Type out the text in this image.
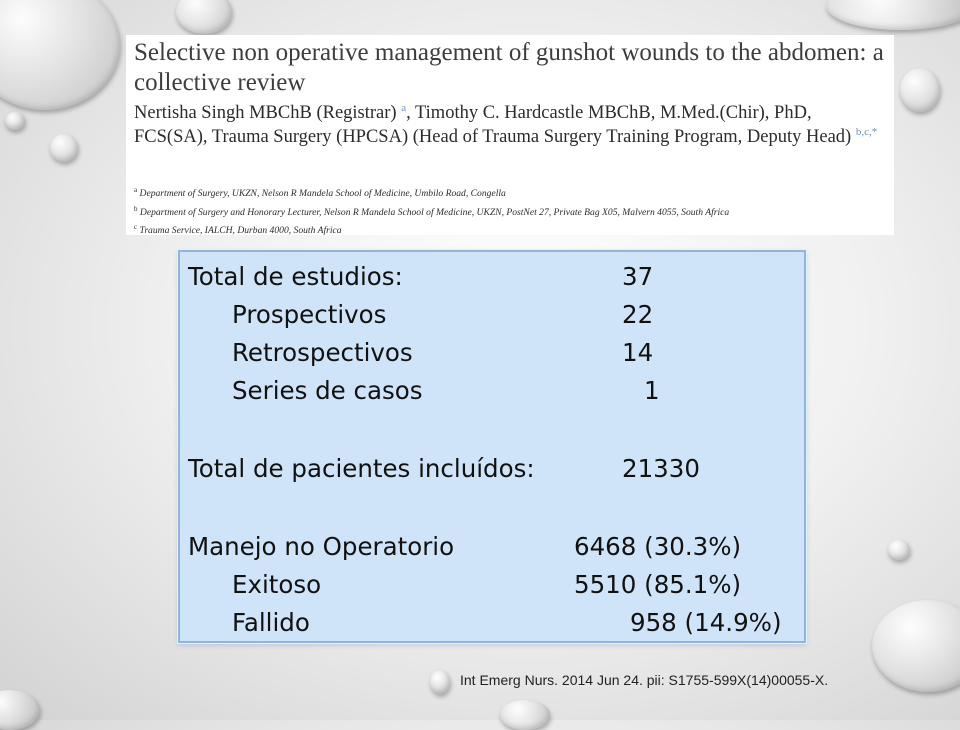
Selective non operative management of gunshot wounds to the abdomen: a collective review

Nertisha Singh MBChB (Registrar) $^a$, Timothy C. Hardcastle MBChB, M.Med.(Chir), PhD, FCS(SA), Trauma Surgery (HPCSA) (Head of Trauma Surgery Training Program, Deputy Head) $^{b,c,*}$

$^a$ Department of Surgery, UKZN, Nelson R Mandela School of Medicine, Umbilo Road, Congella
$^b$ Department of Surgery and Honorary Lecturer, Nelson R Mandela School of Medicine, UKZN, PostNet 27, Private Bag X05, Malvern 4055, South Africa
$^c$ Trauma Service, IALCH, Durban 4000, South Africa
Total de estudios:	37
Prospectivos	22
Retrospectivos	14
Series de casos	1
Total de pacientes incluídos:	21330
Manejo no Operatorio	6468 (30.3%)
Exitoso	5510 (85.1%)
Fallido	958 (14.9%)
Int Emerg Nurs. 2014 Jun 24. pii: S1755-599X(14)00055-X.
